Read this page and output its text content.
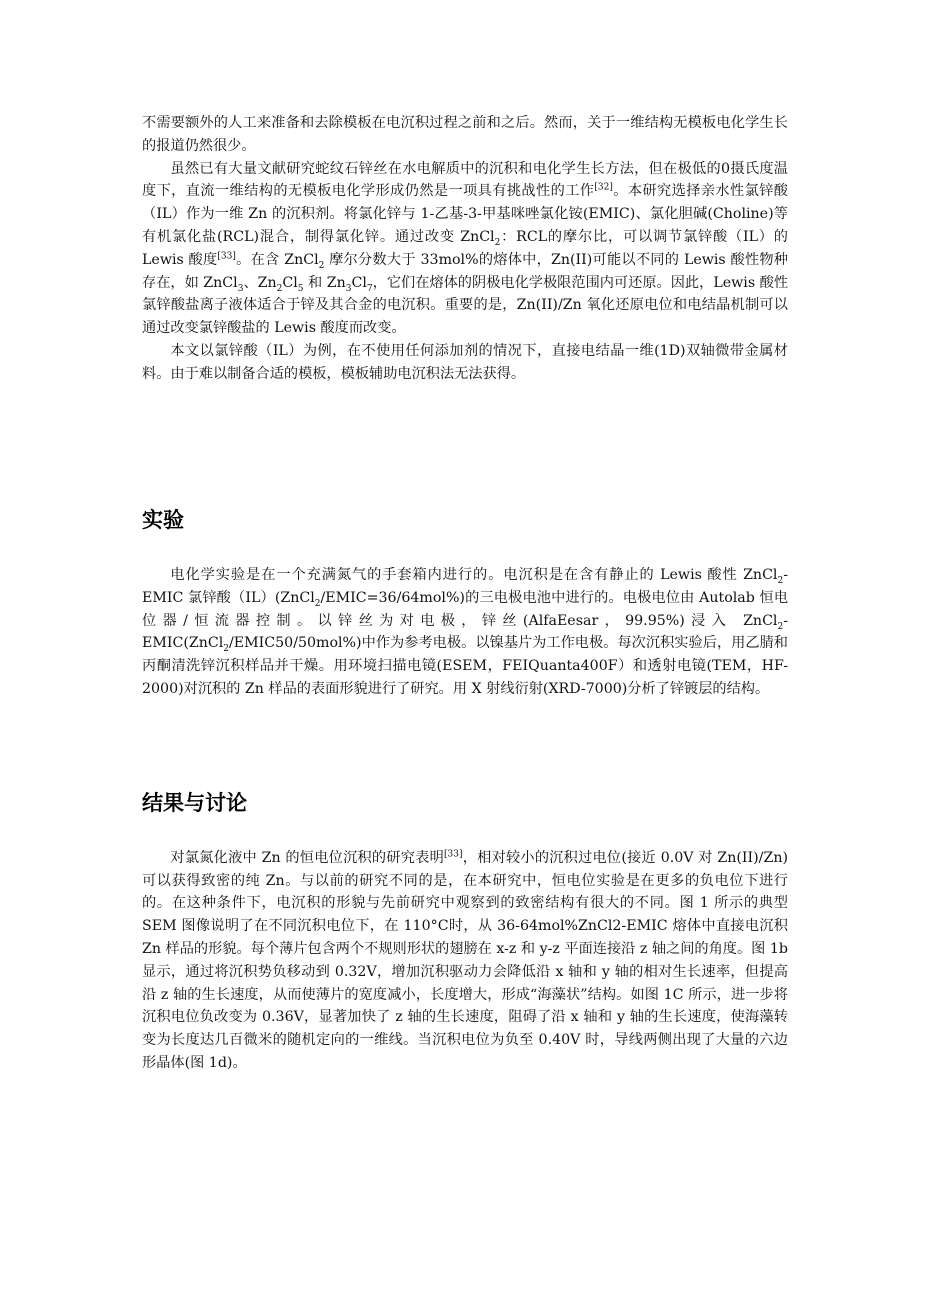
不需要额外的人工来准备和去除模板在电沉积过程之前和之后。然而，关于一维结构无模板电化学生长的报道仍然很少。

虽然已有大量文献研究蛇纹石锌丝在水电解质中的沉积和电化学生长方法，但在极低的0摄氏度温度下，直流一维结构的无模板电化学形成仍然是一项具有挑战性的工作[32]。本研究选择亲水性氯锌酸（IL）作为一维 Zn 的沉积剂。将氯化锌与 1-乙基-3-甲基咪唑氯化铵(EMIC)、氯化胆碱(Choline)等有机氯化盐(RCL)混合，制得氯化锌。通过改变 ZnCl$_2$：RCL的摩尔比，可以调节氯锌酸（IL）的 Lewis 酸度[33]。在含 ZnCl$_2$ 摩尔分数大于 33mol%的熔体中，Zn(II)可能以不同的 Lewis 酸性物种存在，如 ZnCl$_3$、$Zn_2Cl_5$ 和 $Zn_3Cl_7$，它们在熔体的阴极电化学极限范围内可还原。因此，Lewis 酸性氯锌酸盐离子液体适合于锌及其合金的电沉积。重要的是，Zn(II)/Zn 氧化还原电位和电结晶机制可以通过改变氯锌酸盐的 Lewis 酸度而改变。

本文以氯锌酸（IL）为例，在不使用任何添加剂的情况下，直接电结晶一维(1D)双轴微带金属材料。由于难以制备合适的模板，模板辅助电沉积法无法获得。

实验

电化学实验是在一个充满氮气的手套箱内进行的。电沉积是在含有静止的 Lewis 酸性 ZnCl$_2$-EMIC 氯锌酸（IL）(ZnCl$_2$/EMIC=36/64mol%)的三电极电池中进行的。电极电位由 Autolab 恒电位器/恒流器控制。以锌丝为对电极，锌丝(AlfaEesar，99.95%)浸入 ZnCl$_2$-EMIC(ZnCl$_2$/EMIC50/50mol%)中作为参考电极。以镍基片为工作电极。每次沉积实验后，用乙腈和丙酮清洗锌沉积样品并干燥。用环境扫描电镜(ESEM，FEIQuanta400F）和透射电镜(TEM，HF-2000)对沉积的 Zn 样品的表面形貌进行了研究。用 X 射线衍射(XRD-7000)分析了锌镀层的结构。

结果与讨论

对氯氮化液中 Zn 的恒电位沉积的研究表明[33]，相对较小的沉积过电位(接近 0.0V 对 Zn(II)/Zn)可以获得致密的纯 Zn。与以前的研究不同的是，在本研究中，恒电位实验是在更多的负电位下进行的。在这种条件下，电沉积的形貌与先前研究中观察到的致密结构有很大的不同。图 1 所示的典型 SEM 图像说明了在不同沉积电位下，在 110°C时，从 36-64mol%ZnCl2-EMIC 熔体中直接电沉积 Zn 样品的形貌。每个薄片包含两个不规则形状的翅膀在 x-z 和 y-z 平面连接沿 z 轴之间的角度。图 1b 显示，通过将沉积势负移动到 0.32V，增加沉积驱动力会降低沿 x 轴和 y 轴的相对生长速率，但提高沿 z 轴的生长速度，从而使薄片的宽度减小，长度增大，形成“海藻状”结构。如图 1C 所示，进一步将沉积电位负改变为 0.36V，显著加快了 z 轴的生长速度，阻碍了沿 x 轴和 y 轴的生长速度，使海藻转变为长度达几百微米的随机定向的一维线。当沉积电位为负至 0.40V 时，导线两侧出现了大量的六边形晶体(图 1d)。
